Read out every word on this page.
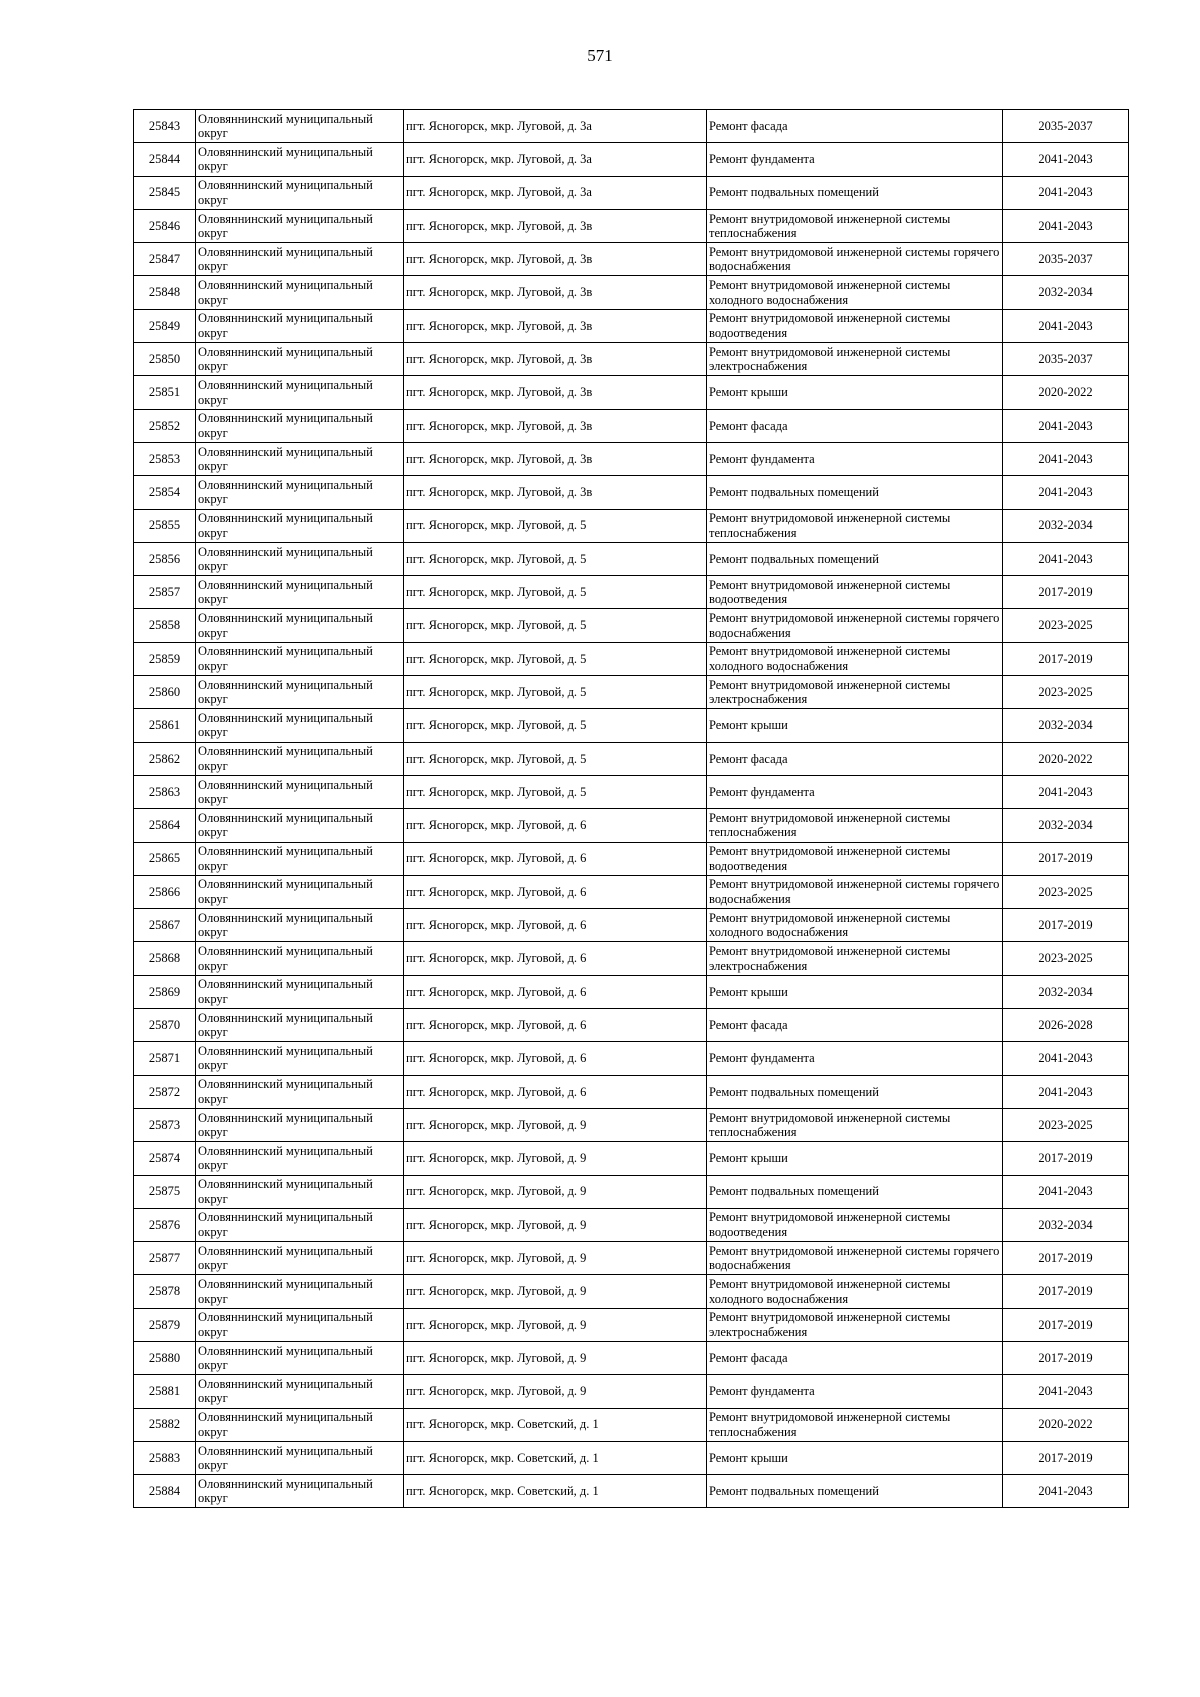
571
25843	Оловяннинский муниципальный округ	пгт. Ясногорск, мкр. Луговой, д. 3а	Ремонт фасада	2035-2037
25844	Оловяннинский муниципальный округ	пгт. Ясногорск, мкр. Луговой, д. 3а	Ремонт фундамента	2041-2043
25845	Оловяннинский муниципальный округ	пгт. Ясногорск, мкр. Луговой, д. 3а	Ремонт подвальных помещений	2041-2043
25846	Оловяннинский муниципальный округ	пгт. Ясногорск, мкр. Луговой, д. 3в	Ремонт внутридомовой инженерной системы теплоснабжения	2041-2043
25847	Оловяннинский муниципальный округ	пгт. Ясногорск, мкр. Луговой, д. 3в	Ремонт внутридомовой инженерной системы горячего водоснабжения	2035-2037
25848	Оловяннинский муниципальный округ	пгт. Ясногорск, мкр. Луговой, д. 3в	Ремонт внутридомовой инженерной системы холодного водоснабжения	2032-2034
25849	Оловяннинский муниципальный округ	пгт. Ясногорск, мкр. Луговой, д. 3в	Ремонт внутридомовой инженерной системы водоотведения	2041-2043
25850	Оловяннинский муниципальный округ	пгт. Ясногорск, мкр. Луговой, д. 3в	Ремонт внутридомовой инженерной системы электроснабжения	2035-2037
25851	Оловяннинский муниципальный округ	пгт. Ясногорск, мкр. Луговой, д. 3в	Ремонт крыши	2020-2022
25852	Оловяннинский муниципальный округ	пгт. Ясногорск, мкр. Луговой, д. 3в	Ремонт фасада	2041-2043
25853	Оловяннинский муниципальный округ	пгт. Ясногорск, мкр. Луговой, д. 3в	Ремонт фундамента	2041-2043
25854	Оловяннинский муниципальный округ	пгт. Ясногорск, мкр. Луговой, д. 3в	Ремонт подвальных помещений	2041-2043
25855	Оловяннинский муниципальный округ	пгт. Ясногорск, мкр. Луговой, д. 5	Ремонт внутридомовой инженерной системы теплоснабжения	2032-2034
25856	Оловяннинский муниципальный округ	пгт. Ясногорск, мкр. Луговой, д. 5	Ремонт подвальных помещений	2041-2043
25857	Оловяннинский муниципальный округ	пгт. Ясногорск, мкр. Луговой, д. 5	Ремонт внутридомовой инженерной системы водоотведения	2017-2019
25858	Оловяннинский муниципальный округ	пгт. Ясногорск, мкр. Луговой, д. 5	Ремонт внутридомовой инженерной системы горячего водоснабжения	2023-2025
25859	Оловяннинский муниципальный округ	пгт. Ясногорск, мкр. Луговой, д. 5	Ремонт внутридомовой инженерной системы холодного водоснабжения	2017-2019
25860	Оловяннинский муниципальный округ	пгт. Ясногорск, мкр. Луговой, д. 5	Ремонт внутридомовой инженерной системы электроснабжения	2023-2025
25861	Оловяннинский муниципальный округ	пгт. Ясногорск, мкр. Луговой, д. 5	Ремонт крыши	2032-2034
25862	Оловяннинский муниципальный округ	пгт. Ясногорск, мкр. Луговой, д. 5	Ремонт фасада	2020-2022
25863	Оловяннинский муниципальный округ	пгт. Ясногорск, мкр. Луговой, д. 5	Ремонт фундамента	2041-2043
25864	Оловяннинский муниципальный округ	пгт. Ясногорск, мкр. Луговой, д. 6	Ремонт внутридомовой инженерной системы теплоснабжения	2032-2034
25865	Оловяннинский муниципальный округ	пгт. Ясногорск, мкр. Луговой, д. 6	Ремонт внутридомовой инженерной системы водоотведения	2017-2019
25866	Оловяннинский муниципальный округ	пгт. Ясногорск, мкр. Луговой, д. 6	Ремонт внутридомовой инженерной системы горячего водоснабжения	2023-2025
25867	Оловяннинский муниципальный округ	пгт. Ясногорск, мкр. Луговой, д. 6	Ремонт внутридомовой инженерной системы холодного водоснабжения	2017-2019
25868	Оловяннинский муниципальный округ	пгт. Ясногорск, мкр. Луговой, д. 6	Ремонт внутридомовой инженерной системы электроснабжения	2023-2025
25869	Оловяннинский муниципальный округ	пгт. Ясногорск, мкр. Луговой, д. 6	Ремонт крыши	2032-2034
25870	Оловяннинский муниципальный округ	пгт. Ясногорск, мкр. Луговой, д. 6	Ремонт фасада	2026-2028
25871	Оловяннинский муниципальный округ	пгт. Ясногорск, мкр. Луговой, д. 6	Ремонт фундамента	2041-2043
25872	Оловяннинский муниципальный округ	пгт. Ясногорск, мкр. Луговой, д. 6	Ремонт подвальных помещений	2041-2043
25873	Оловяннинский муниципальный округ	пгт. Ясногорск, мкр. Луговой, д. 9	Ремонт внутридомовой инженерной системы теплоснабжения	2023-2025
25874	Оловяннинский муниципальный округ	пгт. Ясногорск, мкр. Луговой, д. 9	Ремонт крыши	2017-2019
25875	Оловяннинский муниципальный округ	пгт. Ясногорск, мкр. Луговой, д. 9	Ремонт подвальных помещений	2041-2043
25876	Оловяннинский муниципальный округ	пгт. Ясногорск, мкр. Луговой, д. 9	Ремонт внутридомовой инженерной системы водоотведения	2032-2034
25877	Оловяннинский муниципальный округ	пгт. Ясногорск, мкр. Луговой, д. 9	Ремонт внутридомовой инженерной системы горячего водоснабжения	2017-2019
25878	Оловяннинский муниципальный округ	пгт. Ясногорск, мкр. Луговой, д. 9	Ремонт внутридомовой инженерной системы холодного водоснабжения	2017-2019
25879	Оловяннинский муниципальный округ	пгт. Ясногорск, мкр. Луговой, д. 9	Ремонт внутридомовой инженерной системы электроснабжения	2017-2019
25880	Оловяннинский муниципальный округ	пгт. Ясногорск, мкр. Луговой, д. 9	Ремонт фасада	2017-2019
25881	Оловяннинский муниципальный округ	пгт. Ясногорск, мкр. Луговой, д. 9	Ремонт фундамента	2041-2043
25882	Оловяннинский муниципальный округ	пгт. Ясногорск, мкр. Советский, д. 1	Ремонт внутридомовой инженерной системы теплоснабжения	2020-2022
25883	Оловяннинский муниципальный округ	пгт. Ясногорск, мкр. Советский, д. 1	Ремонт крыши	2017-2019
25884	Оловяннинский муниципальный округ	пгт. Ясногорск, мкр. Советский, д. 1	Ремонт подвальных помещений	2041-2043
